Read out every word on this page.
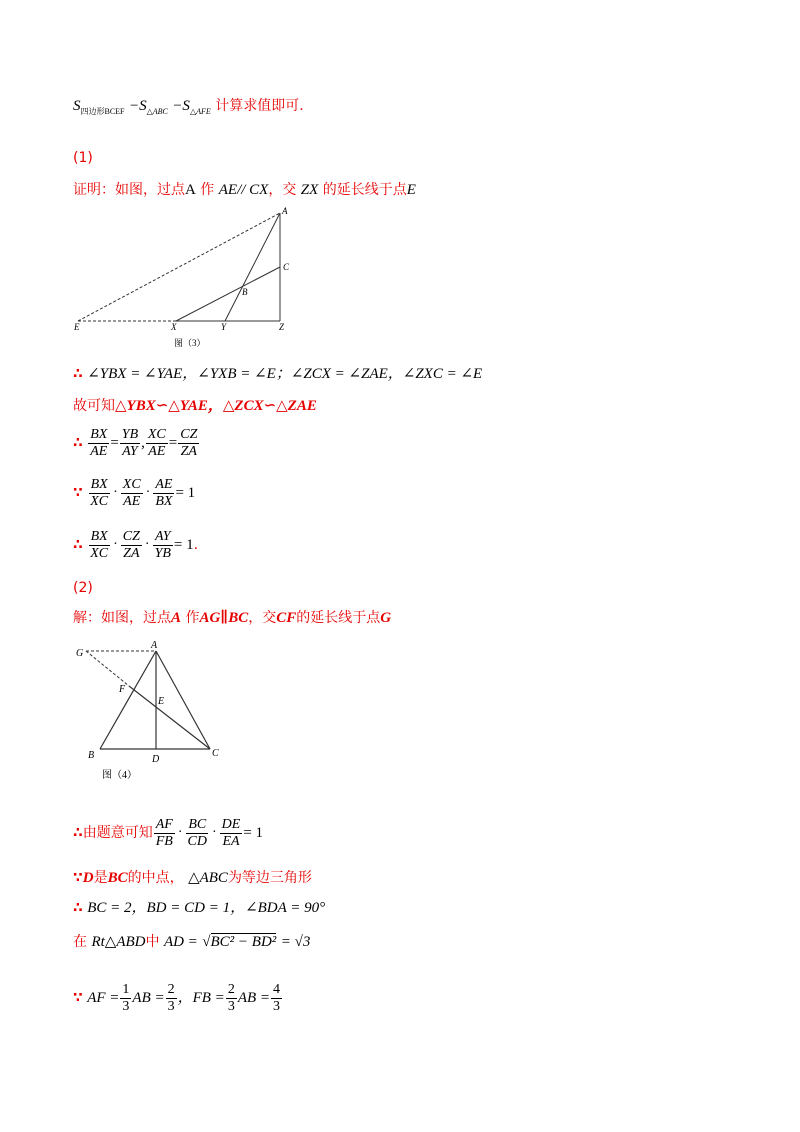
$S_{四边形BCEF} -S_{\triangle ABC} -S_{\triangle AFE}$ 计算求值即可.
(1)
证明：如图，过点A 作 AE// CX，交 ZX 的延长线于点E
A
C
B
E	X	Y	Z
图（3）
∴ ∠YBX = ∠YAE，∠YXB = ∠E；∠ZCX = ∠ZAE，∠ZXC = ∠E
故可知△YBX∽△YAE，△ZCX∽△ZAE
∴
$\frac{BX}{AE} = \frac{YB}{AY}$ , $\frac{XC}{AE} = \frac{CZ}{ZA}$
∵
$\frac{BX}{XC} \cdot \frac{XC}{AE} \cdot \frac{AE}{BX} = 1$
∴
$\frac{BX}{XC} \cdot \frac{CZ}{ZA} \cdot \frac{AY}{YB} = 1$ .
(2)
解：如图，过点A 作AG∥BC，交CF的延长线于点G
A
G
F
E
B	D
C
图（4）
∴ 由题意可知 $\frac{AF}{FB} \cdot \frac{BC}{CD} \cdot \frac{DE}{EA} = 1$
∵D是BC的中点， △ABC为等边三角形
∴ BC = 2，BD = CD = 1，∠BDA = 90°
在 Rt△ABD中 AD = √BC² − BD² = √3
∵
AF = $\frac{1}{3}$ AB = $\frac{2}{3}$ ，FB = $\frac{2}{3}$ AB = $\frac{4}{3}$
